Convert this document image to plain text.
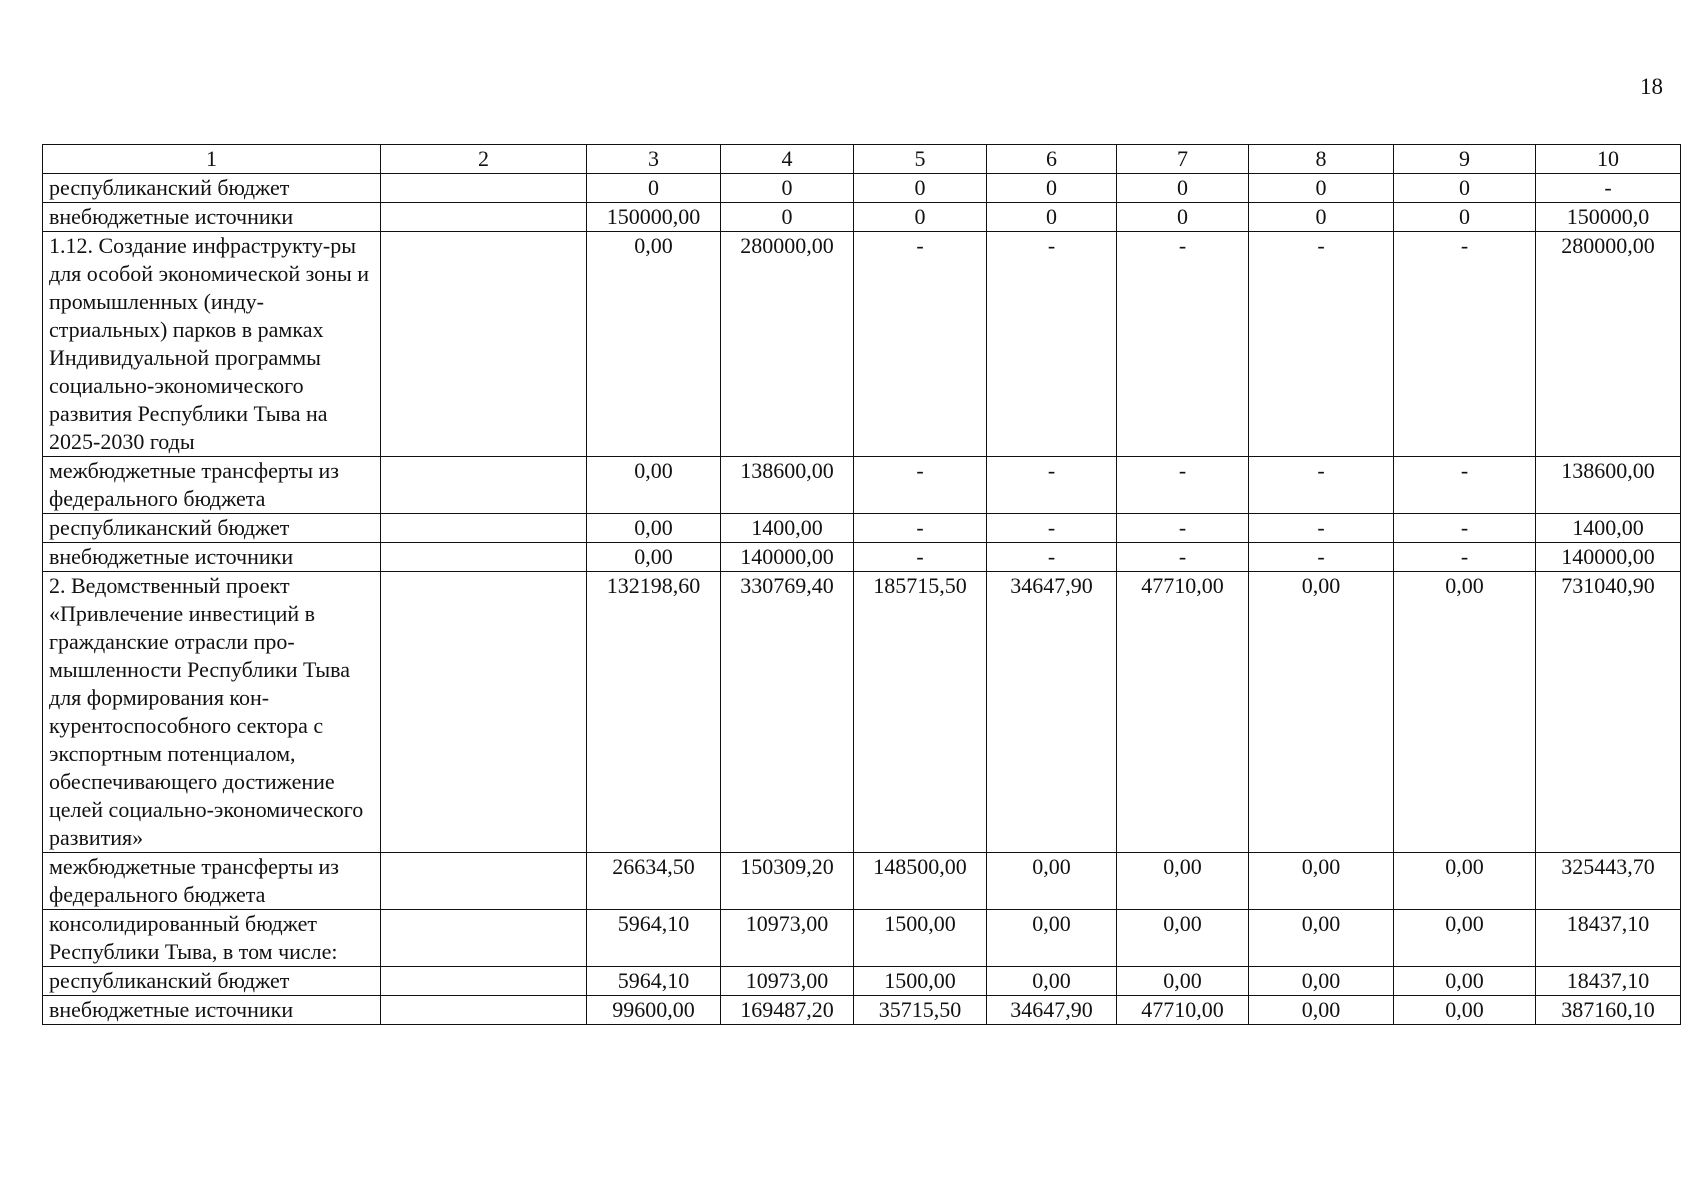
18
1	2	3	4	5	6	7	8	9	10
республиканский бюджет		0	0	0	0	0	0	0	-
внебюджетные источники		150000,00	0	0	0	0	0	0	150000,0
1.12. Создание инфраструкту-ры для особой экономической зоны и промышленных (инду-стриальных) парков в рамках Индивидуальной программы социально-экономического развития Республики Тыва на 2025-2030 годы		0,00	280000,00	-	-	-	-	-	280000,00
межбюджетные трансферты из федерального бюджета		0,00	138600,00	-	-	-	-	-	138600,00
республиканский бюджет		0,00	1400,00	-	-	-	-	-	1400,00
внебюджетные источники		0,00	140000,00	-	-	-	-	-	140000,00
2. Ведомственный проект «Привлечение инвестиций в гражданские отрасли про-мышленности Республики Тыва для формирования кон-курентоспособного сектора с экспортным потенциалом, обеспечивающего достижение целей социально-экономического развития»		132198,60	330769,40	185715,50	34647,90	47710,00	0,00	0,00	731040,90
межбюджетные трансферты из федерального бюджета		26634,50	150309,20	148500,00	0,00	0,00	0,00	0,00	325443,70
консолидированный бюджет Республики Тыва, в том числе:		5964,10	10973,00	1500,00	0,00	0,00	0,00	0,00	18437,10
республиканский бюджет		5964,10	10973,00	1500,00	0,00	0,00	0,00	0,00	18437,10
внебюджетные источники		99600,00	169487,20	35715,50	34647,90	47710,00	0,00	0,00	387160,10
